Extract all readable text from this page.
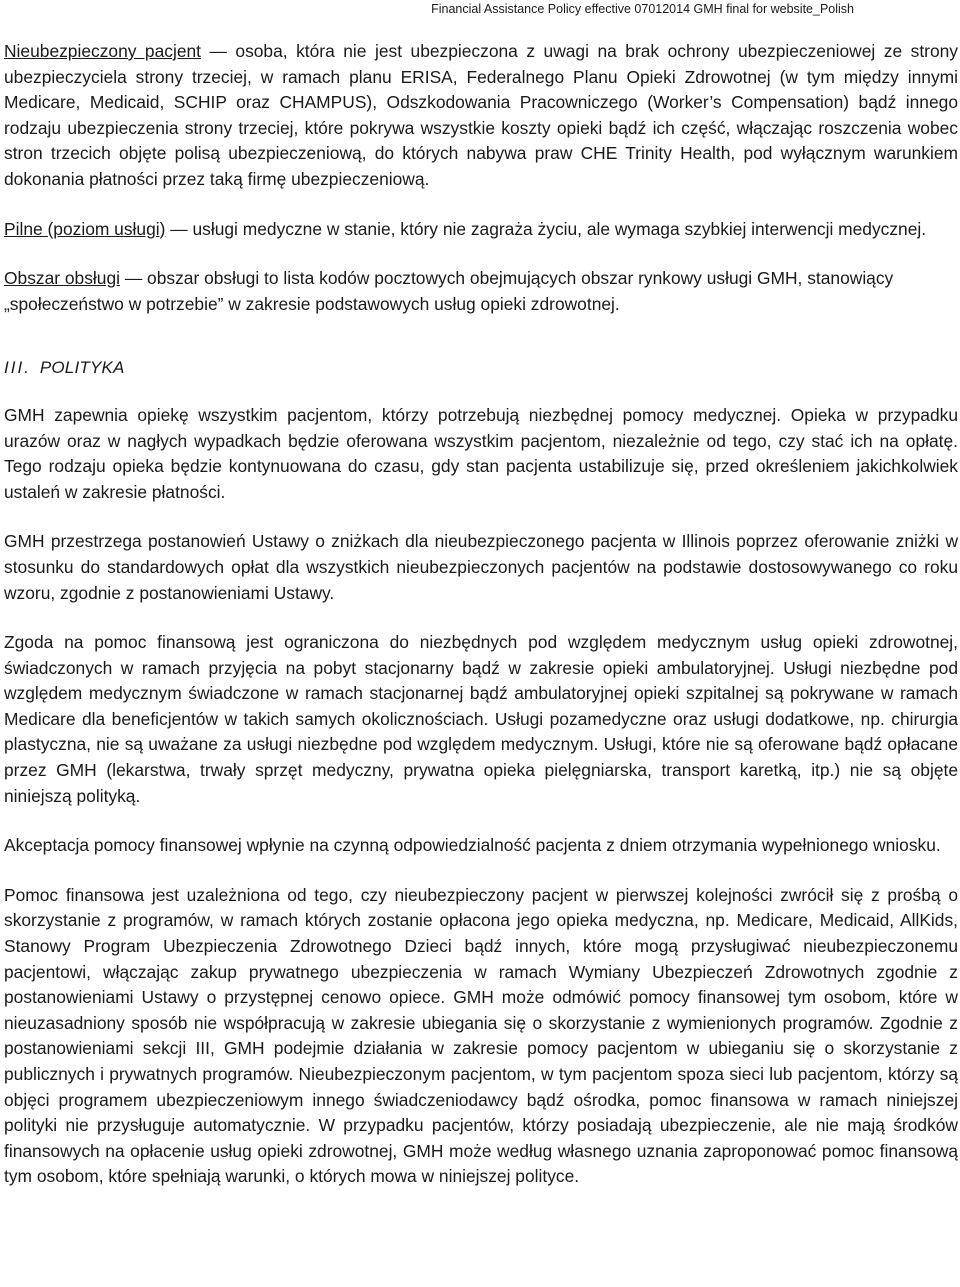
Financial Assistance Policy effective 07012014 GMH final for website_Polish

Nieubezpieczony pacjent — osoba, która nie jest ubezpieczona z uwagi na brak ochrony ubezpieczeniowej ze strony ubezpieczyciela strony trzeciej, w ramach planu ERISA, Federalnego Planu Opieki Zdrowotnej (w tym między innymi Medicare, Medicaid, SCHIP oraz CHAMPUS), Odszkodowania Pracowniczego (Worker’s Compensation) bądź innego rodzaju ubezpieczenia strony trzeciej, które pokrywa wszystkie koszty opieki bądź ich część, włączając roszczenia wobec stron trzecich objęte polisą ubezpieczeniową, do których nabywa praw CHE Trinity Health, pod wyłącznym warunkiem dokonania płatności przez taką firmę ubezpieczeniową.

Pilne (poziom usługi) — usługi medyczne w stanie, który nie zagraża życiu, ale wymaga szybkiej interwencji medycznej.

Obszar obsługi — obszar obsługi to lista kodów pocztowych obejmujących obszar rynkowy usługi GMH, stanowiący „społeczeństwo w potrzebie” w zakresie podstawowych usług opieki zdrowotnej.

III. POLITYKA

GMH zapewnia opiekę wszystkim pacjentom, którzy potrzebują niezbędnej pomocy medycznej. Opieka w przypadku urazów oraz w nagłych wypadkach będzie oferowana wszystkim pacjentom, niezależnie od tego, czy stać ich na opłatę. Tego rodzaju opieka będzie kontynuowana do czasu, gdy stan pacjenta ustabilizuje się, przed określeniem jakichkolwiek ustaleń w zakresie płatności.

GMH przestrzega postanowień Ustawy o zniżkach dla nieubezpieczonego pacjenta w Illinois poprzez oferowanie zniżki w stosunku do standardowych opłat dla wszystkich nieubezpieczonych pacjentów na podstawie dostosowywanego co roku wzoru, zgodnie z postanowieniami Ustawy.

Zgoda na pomoc finansową jest ograniczona do niezbędnych pod względem medycznym usług opieki zdrowotnej, świadczonych w ramach przyjęcia na pobyt stacjonarny bądź w zakresie opieki ambulatoryjnej. Usługi niezbędne pod względem medycznym świadczone w ramach stacjonarnej bądź ambulatoryjnej opieki szpitalnej są pokrywane w ramach Medicare dla beneficjentów w takich samych okolicznościach. Usługi pozamedyczne oraz usługi dodatkowe, np. chirurgia plastyczna, nie są uważane za usługi niezbędne pod względem medycznym. Usługi, które nie są oferowane bądź opłacane przez GMH (lekarstwa, trwały sprzęt medyczny, prywatna opieka pielęgniarska, transport karetką, itp.) nie są objęte niniejszą polityką.

Akceptacja pomocy finansowej wpłynie na czynną odpowiedzialność pacjenta z dniem otrzymania wypełnionego wniosku.

Pomoc finansowa jest uzależniona od tego, czy nieubezpieczony pacjent w pierwszej kolejności zwrócił się z prośbą o skorzystanie z programów, w ramach których zostanie opłacona jego opieka medyczna, np. Medicare, Medicaid, AllKids, Stanowy Program Ubezpieczenia Zdrowotnego Dzieci bądź innych, które mogą przysługiwać nieubezpieczonemu pacjentowi, włączając zakup prywatnego ubezpieczenia w ramach Wymiany Ubezpieczeń Zdrowotnych zgodnie z postanowieniami Ustawy o przystępnej cenowo opiece. GMH może odmówić pomocy finansowej tym osobom, które w nieuzasadniony sposób nie współpracują w zakresie ubiegania się o skorzystanie z wymienionych programów. Zgodnie z postanowieniami sekcji III, GMH podejmie działania w zakresie pomocy pacjentom w ubieganiu się o skorzystanie z publicznych i prywatnych programów. Nieubezpieczonym pacjentom, w tym pacjentom spoza sieci lub pacjentom, którzy są objęci programem ubezpieczeniowym innego świadczeniodawcy bądź ośrodka, pomoc finansowa w ramach niniejszej polityki nie przysługuje automatycznie. W przypadku pacjentów, którzy posiadają ubezpieczenie, ale nie mają środków finansowych na opłacenie usług opieki zdrowotnej, GMH może według własnego uznania zaproponować pomoc finansową tym osobom, które spełniają warunki, o których mowa w niniejszej polityce.
